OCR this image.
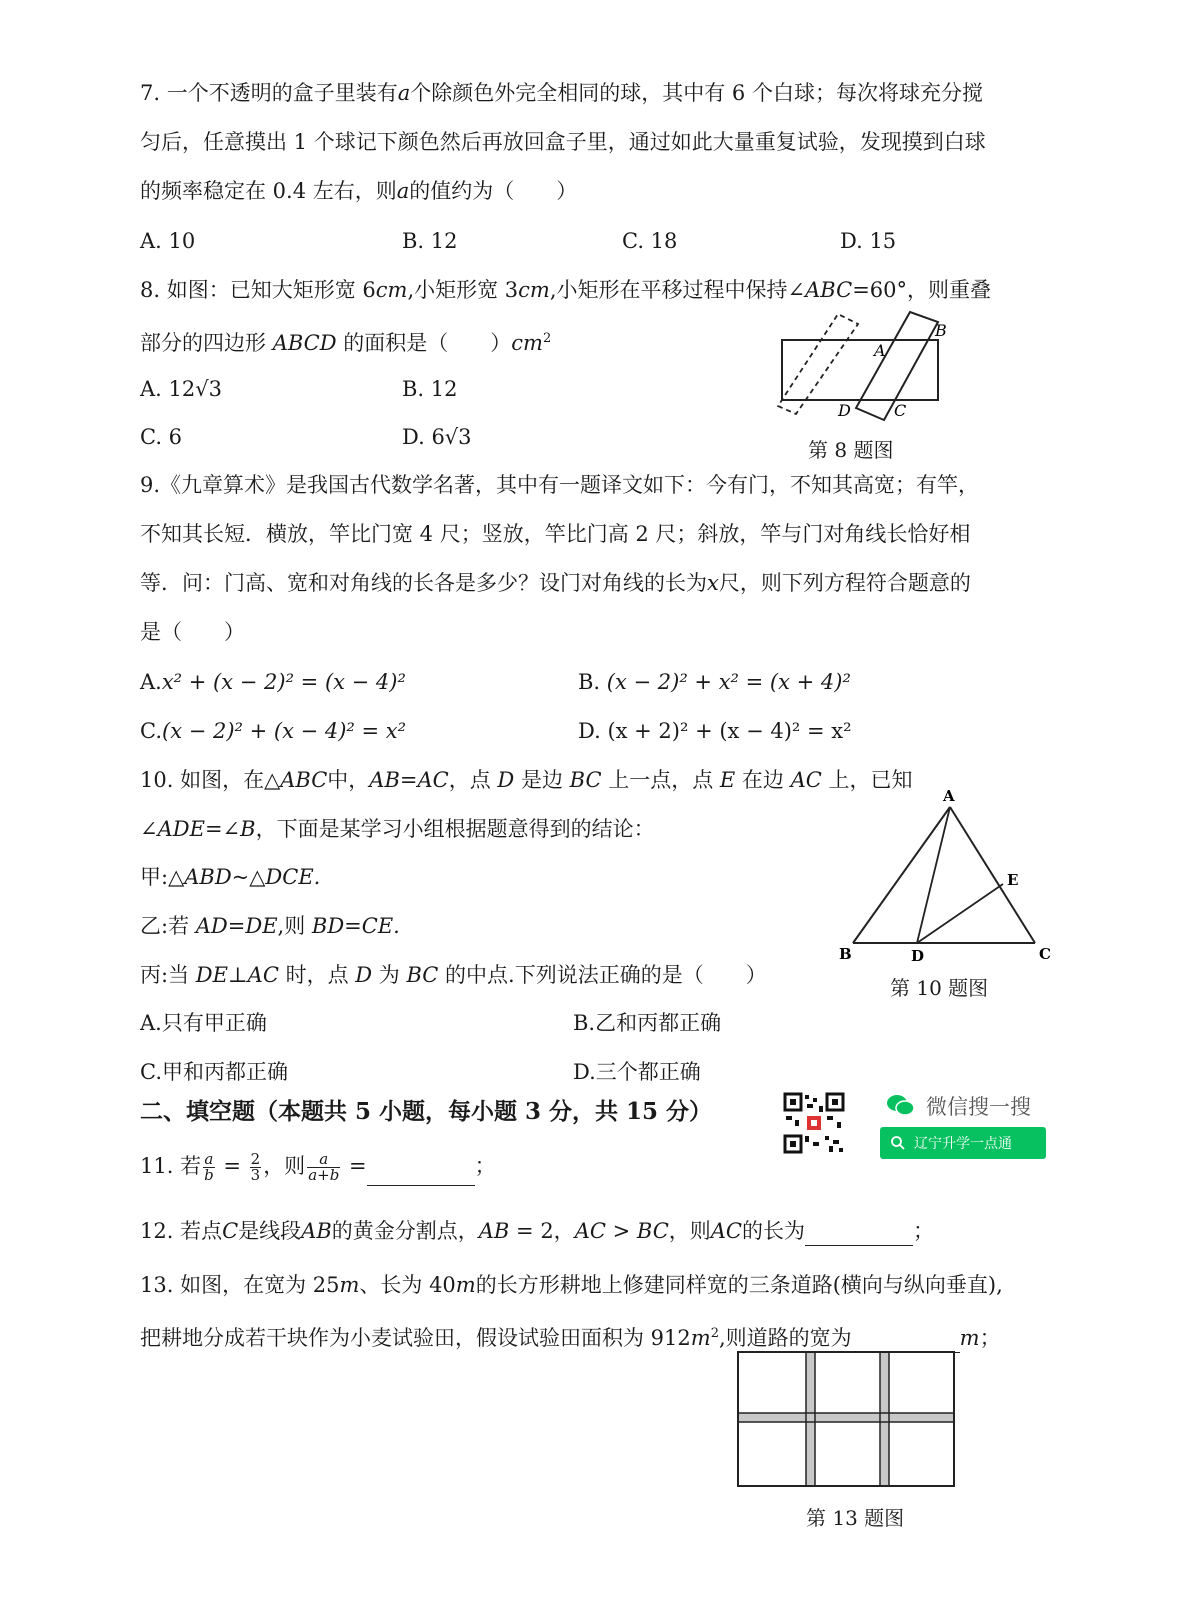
7. 一个不透明的盒子里装有a个除颜色外完全相同的球，其中有 6 个白球；每次将球充分搅
匀后，任意摸出 1 个球记下颜色然后再放回盒子里，通过如此大量重复试验，发现摸到白球
的频率稳定在 0.4 左右，则a的值约为（　　）
A. 10	B. 12	C. 18	D. 15
8. 如图：已知大矩形宽 6cm,小矩形宽 3cm,小矩形在平移过程中保持∠ABC=60°，则重叠
部分的四边形 ABCD 的面积是（　　）$cm^2$
A. 12√3	B. 12
C. 6	D. 6√3
A
B
C
D
第 8 题图
9.《九章算术》是我国古代数学名著，其中有一题译文如下：今有门，不知其高宽；有竿，
不知其长短．横放，竿比门宽 4 尺；竖放，竿比门高 2 尺；斜放，竿与门对角线长恰好相
等．问：门高、宽和对角线的长各是多少？设门对角线的长为x尺，则下列方程符合题意的
是（　　）
A.x² + (x − 2)² = (x − 4)²	B. (x − 2)² + x² = (x + 4)²
C.(x − 2)² + (x − 4)² = x²	D. (x + 2)² + (x − 4)² = x²
10. 如图，在△ABC中，AB=AC，点 D 是边 BC 上一点，点 E 在边 AC 上，已知
∠ADE=∠B，下面是某学习小组根据题意得到的结论：
甲:△ABD~△DCE.
乙:若 AD=DE,则 BD=CE.
丙:当 DE⊥AC 时，点 D 为 BC 的中点.下列说法正确的是（　　）
A.只有甲正确	B.乙和丙都正确
C.甲和丙都正确	D.三个都正确
A
B	C
D
E
第 10 题图
二、填空题（本题共 5 小题，每小题 3 分，共 15 分）	微信搜一搜
辽宁升学一点通
11. 若 $\frac{a}{b} = \frac{2}{3}$ ，则 $\frac{a}{a+b}$ =	；
12. 若点C是线段AB的黄金分割点，AB = 2，AC > BC，则AC的长为	；
13. 如图，在宽为 25m、长为 40m的长方形耕地上修建同样宽的三条道路(横向与纵向垂直),
把耕地分成若干块作为小麦试验田，假设试验田面积为 $912m^2$,则道路的宽为	m；
第 13 题图
